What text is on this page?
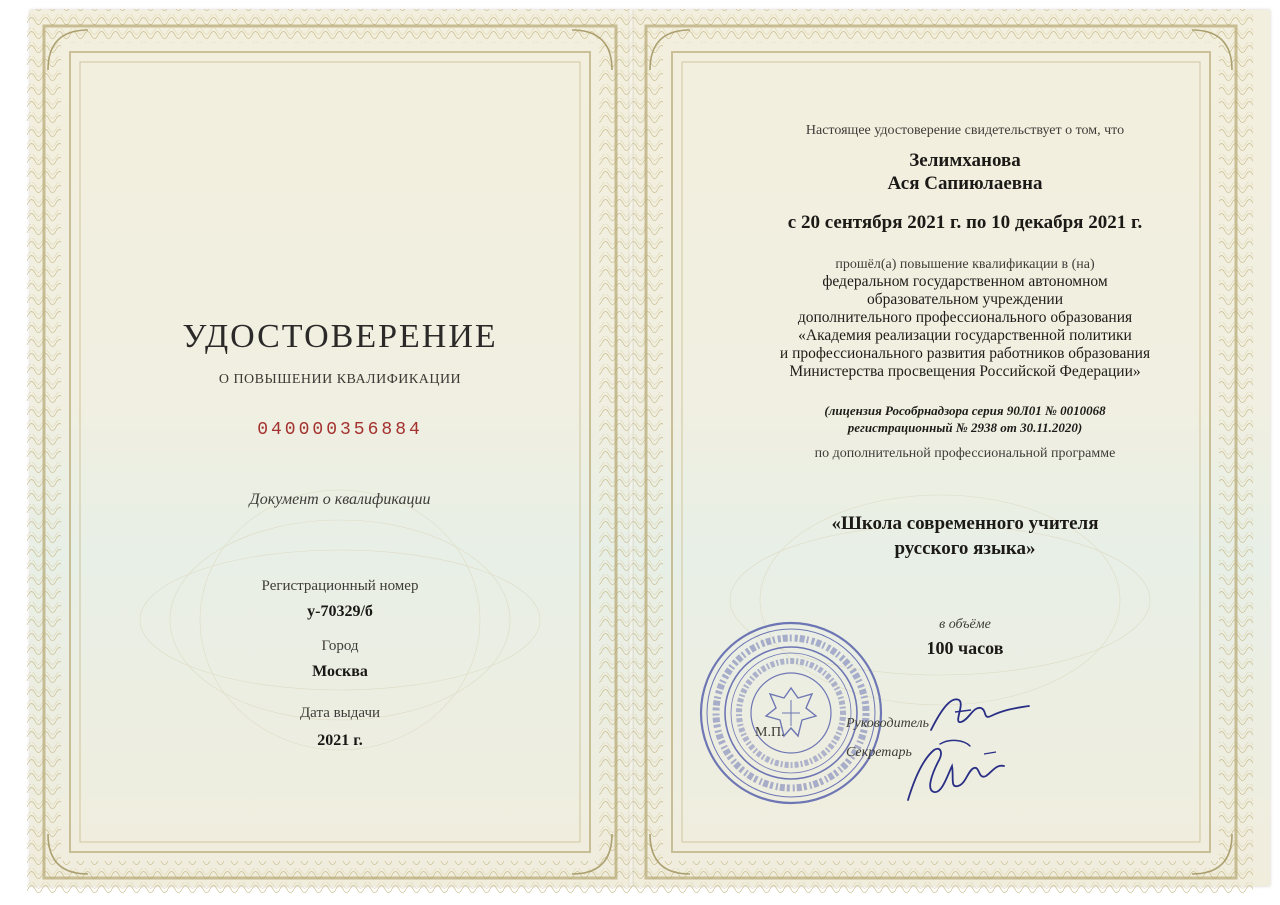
УДОСТОВЕРЕНИЕ
О ПОВЫШЕНИИ КВАЛИФИКАЦИИ
040000356884
Документ о квалификации
Регистрационный номер
у-70329/б
Город
Москва
Дата выдачи
2021 г.
Настоящее удостоверение свидетельствует о том, что
Зелимханова
Ася Сапиюлаевна
с 20 сентября 2021 г. по 10 декабря 2021 г.
прошёл(а) повышение квалификации в (на)
федеральном государственном автономном
образовательном учреждении
дополнительного профессионального образования
«Академия реализации государственной политики
и профессионального развития работников образования
Министерства просвещения Российской Федерации»
(лицензия Рособрнадзора серия 90Л01 № 0010068
регистрационный № 2938 от 30.11.2020)
по дополнительной профессиональной программе
«Школа современного учителя
русского языка»
в объёме
100 часов
М.П.
Руководитель
Секретарь
